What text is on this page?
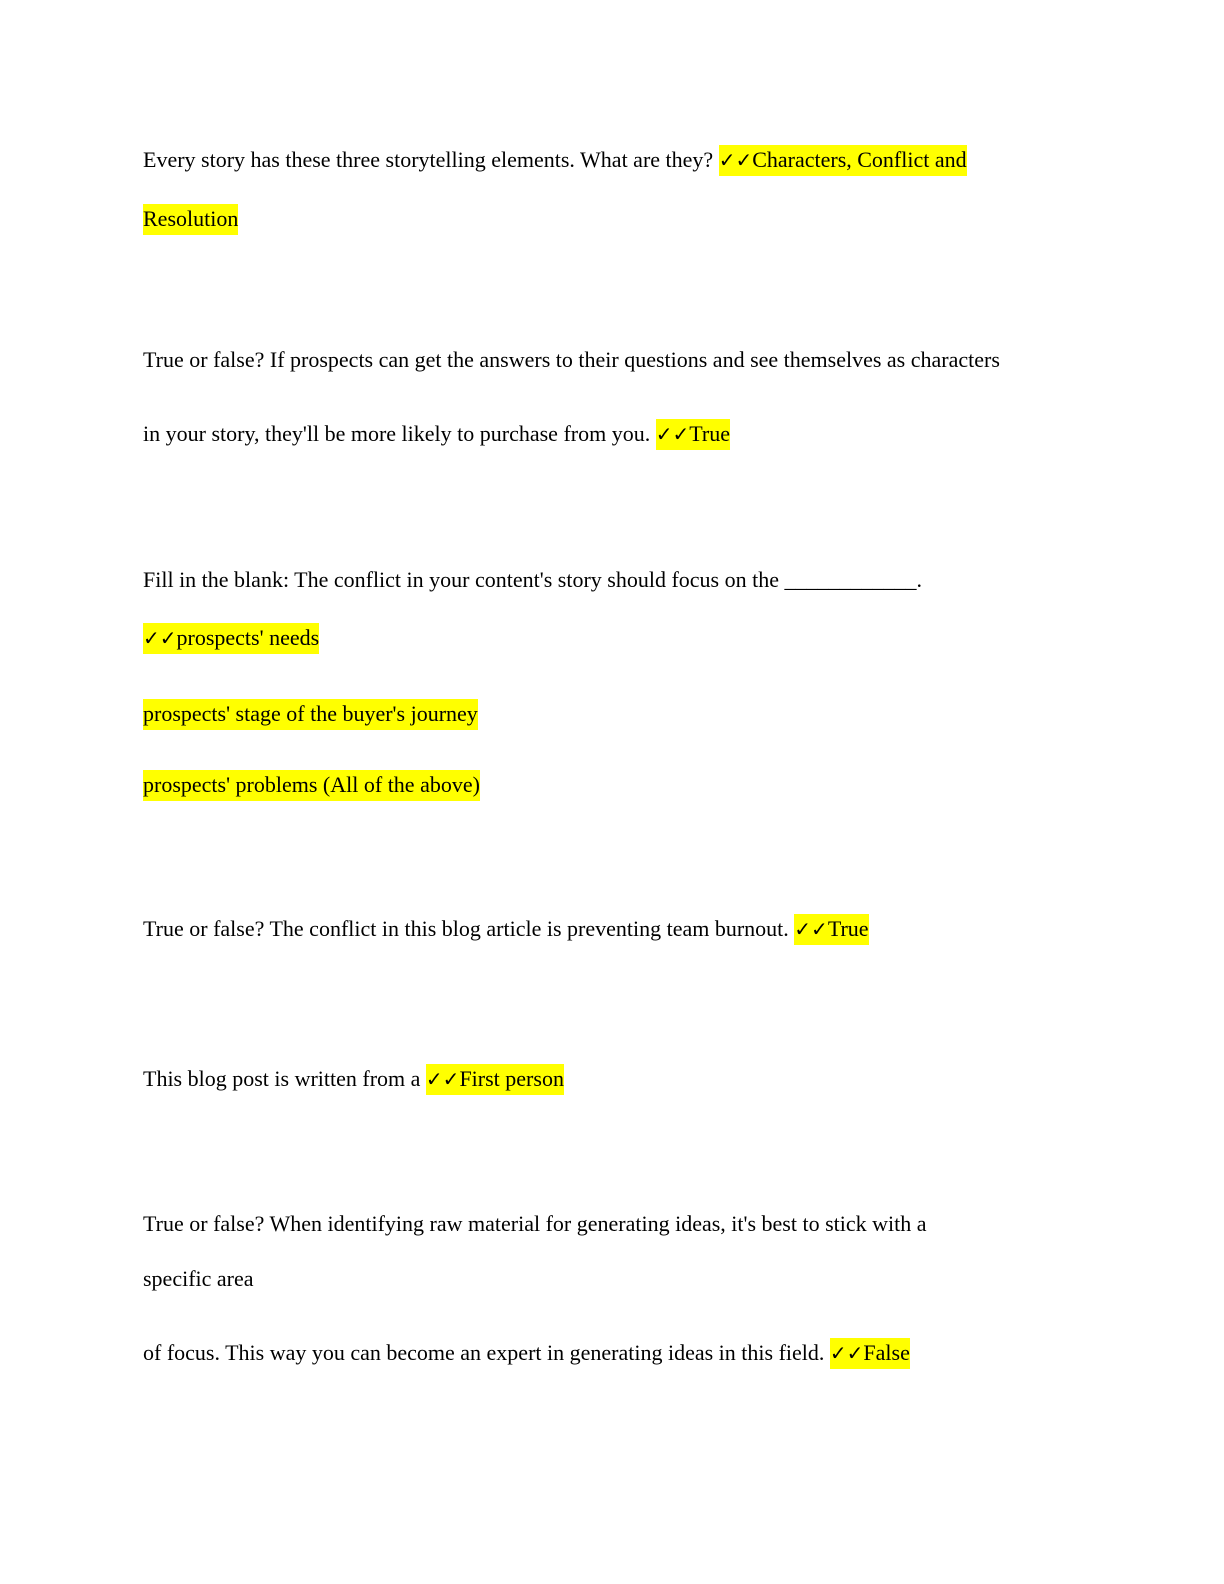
Every story has these three storytelling elements. What are they? ✓✓Characters, Conflict and
Resolution
True or false? If prospects can get the answers to their questions and see themselves as characters
in your story, they'll be more likely to purchase from you. ✓✓True
Fill in the blank: The conflict in your content's story should focus on the ____________.
✓✓prospects' needs
prospects' stage of the buyer's journey
prospects' problems (All of the above)
True or false? The conflict in this blog article is preventing team burnout. ✓✓True
This blog post is written from a ✓✓First person
True or false? When identifying raw material for generating ideas, it's best to stick with a
specific area
of focus. This way you can become an expert in generating ideas in this field. ✓✓False
